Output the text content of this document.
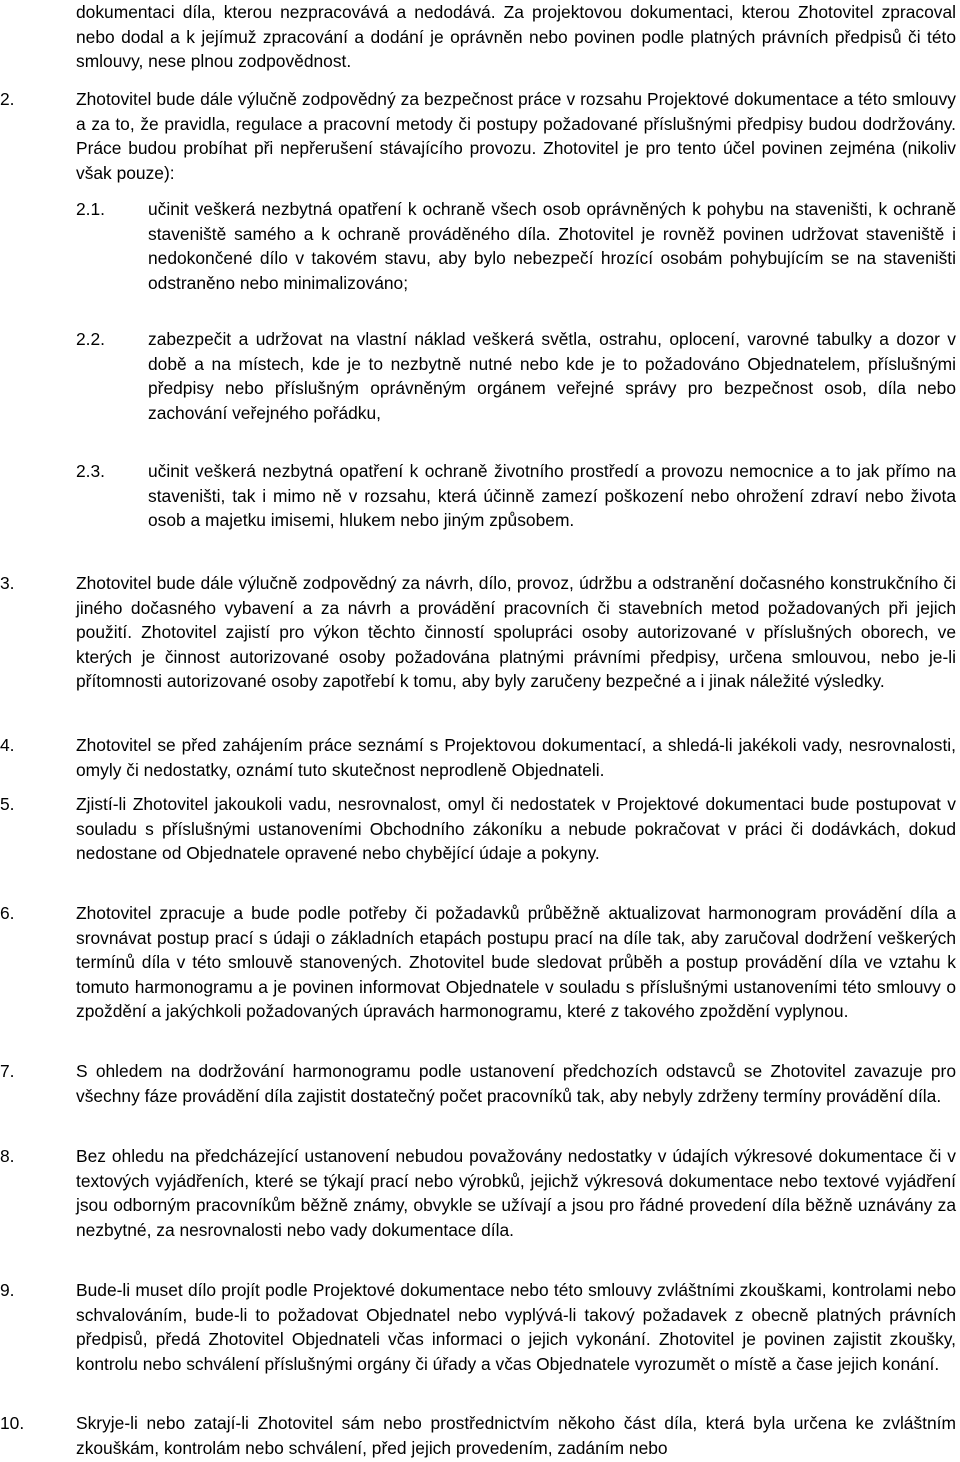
dokumentaci díla, kterou nezpracovává a nedodává. Za projektovou dokumentaci, kterou Zhotovitel zpracoval nebo dodal a k jejímuž zpracování a dodání je oprávněn nebo povinen podle platných právních předpisů či této smlouvy, nese plnou zodpovědnost.

2.	Zhotovitel bude dále výlučně zodpovědný za bezpečnost práce v rozsahu Projektové dokumentace a této smlouvy a za to, že pravidla, regulace a pracovní metody či postupy požadované příslušnými předpisy budou dodržovány. Práce budou probíhat při nepřerušení stávajícího provozu. Zhotovitel je pro tento účel povinen zejména (nikoliv však pouze):

2.1. učinit veškerá nezbytná opatření k ochraně všech osob oprávněných k pohybu na staveništi, k ochraně staveniště samého a k ochraně prováděného díla. Zhotovitel je rovněž povinen udržovat staveniště i nedokončené dílo v takovém stavu, aby bylo nebezpečí hrozící osobám pohybujícím se na staveništi odstraněno nebo minimalizováno;

2.2. zabezpečit a udržovat na vlastní náklad veškerá světla, ostrahu, oplocení, varovné tabulky a dozor v době a na místech, kde je to nezbytně nutné nebo kde je to požadováno Objednatelem, příslušnými předpisy nebo příslušným oprávněným orgánem veřejné správy pro bezpečnost osob, díla nebo zachování veřejného pořádku,

2.3. učinit veškerá nezbytná opatření k ochraně životního prostředí a provozu nemocnice a to jak přímo na staveništi, tak i mimo ně v rozsahu, která účinně zamezí poškození nebo ohrožení zdraví nebo života osob a majetku imisemi, hlukem nebo jiným způsobem.

3.	Zhotovitel bude dále výlučně zodpovědný za návrh, dílo, provoz, údržbu a odstranění dočasného konstrukčního či jiného dočasného vybavení a za návrh a provádění pracovních či stavebních metod požadovaných při jejich použití. Zhotovitel zajistí pro výkon těchto činností spolupráci osoby autorizované v příslušných oborech, ve kterých je činnost autorizované osoby požadována platnými právními předpisy, určena smlouvou, nebo je-li přítomnosti autorizované osoby zapotřebí k tomu, aby byly zaručeny bezpečné a i jinak náležité výsledky.

4.	Zhotovitel se před zahájením práce seznámí s Projektovou dokumentací, a shledá-li jakékoli vady, nesrovnalosti, omyly či nedostatky, oznámí tuto skutečnost neprodleně Objednateli.

5.	Zjistí-li Zhotovitel jakoukoli vadu, nesrovnalost, omyl či nedostatek v Projektové dokumentaci bude postupovat v souladu s příslušnými ustanoveními Obchodního zákoníku a nebude pokračovat v práci či dodávkách, dokud nedostane od Objednatele opravené nebo chybějící údaje a pokyny.

6.	Zhotovitel zpracuje a bude podle potřeby či požadavků průběžně aktualizovat harmonogram provádění díla a srovnávat postup prací s údaji o základních etapách postupu prací na díle tak, aby zaručoval dodržení veškerých termínů díla v této smlouvě stanovených. Zhotovitel bude sledovat průběh a postup provádění díla ve vztahu k tomuto harmonogramu a je povinen informovat Objednatele v souladu s příslušnými ustanoveními této smlouvy o zpoždění a jakýchkoli požadovaných úpravách harmonogramu, které z takového zpoždění vyplynou.

7.	S ohledem na dodržování harmonogramu podle ustanovení předchozích odstavců se Zhotovitel zavazuje pro všechny fáze provádění díla zajistit dostatečný počet pracovníků tak, aby nebyly zdrženy termíny provádění díla.

8.	Bez ohledu na předcházející ustanovení nebudou považovány nedostatky v údajích výkresové dokumentace či v textových vyjádřeních, které se týkají prací nebo výrobků, jejichž výkresová dokumentace nebo textové vyjádření jsou odborným pracovníkům běžně známy, obvykle se užívají a jsou pro řádné provedení díla běžně uznávány za nezbytné, za nesrovnalosti nebo vady dokumentace díla.

9.	Bude-li muset dílo projít podle Projektové dokumentace nebo této smlouvy zvláštními zkouškami, kontrolami nebo schvalováním, bude-li to požadovat Objednatel nebo vyplývá-li takový požadavek z obecně platných právních předpisů, předá Zhotovitel Objednateli včas informaci o jejich vykonání. Zhotovitel je povinen zajistit zkoušky, kontrolu nebo schválení příslušnými orgány či úřady a včas Objednatele vyrozumět o místě a čase jejich konání.

10.	Skryje-li nebo zatají-li Zhotovitel sám nebo prostřednictvím někoho část díla, která byla určena ke zvláštním zkouškám, kontrolám nebo schválení, před jejich provedením, zadáním nebo
